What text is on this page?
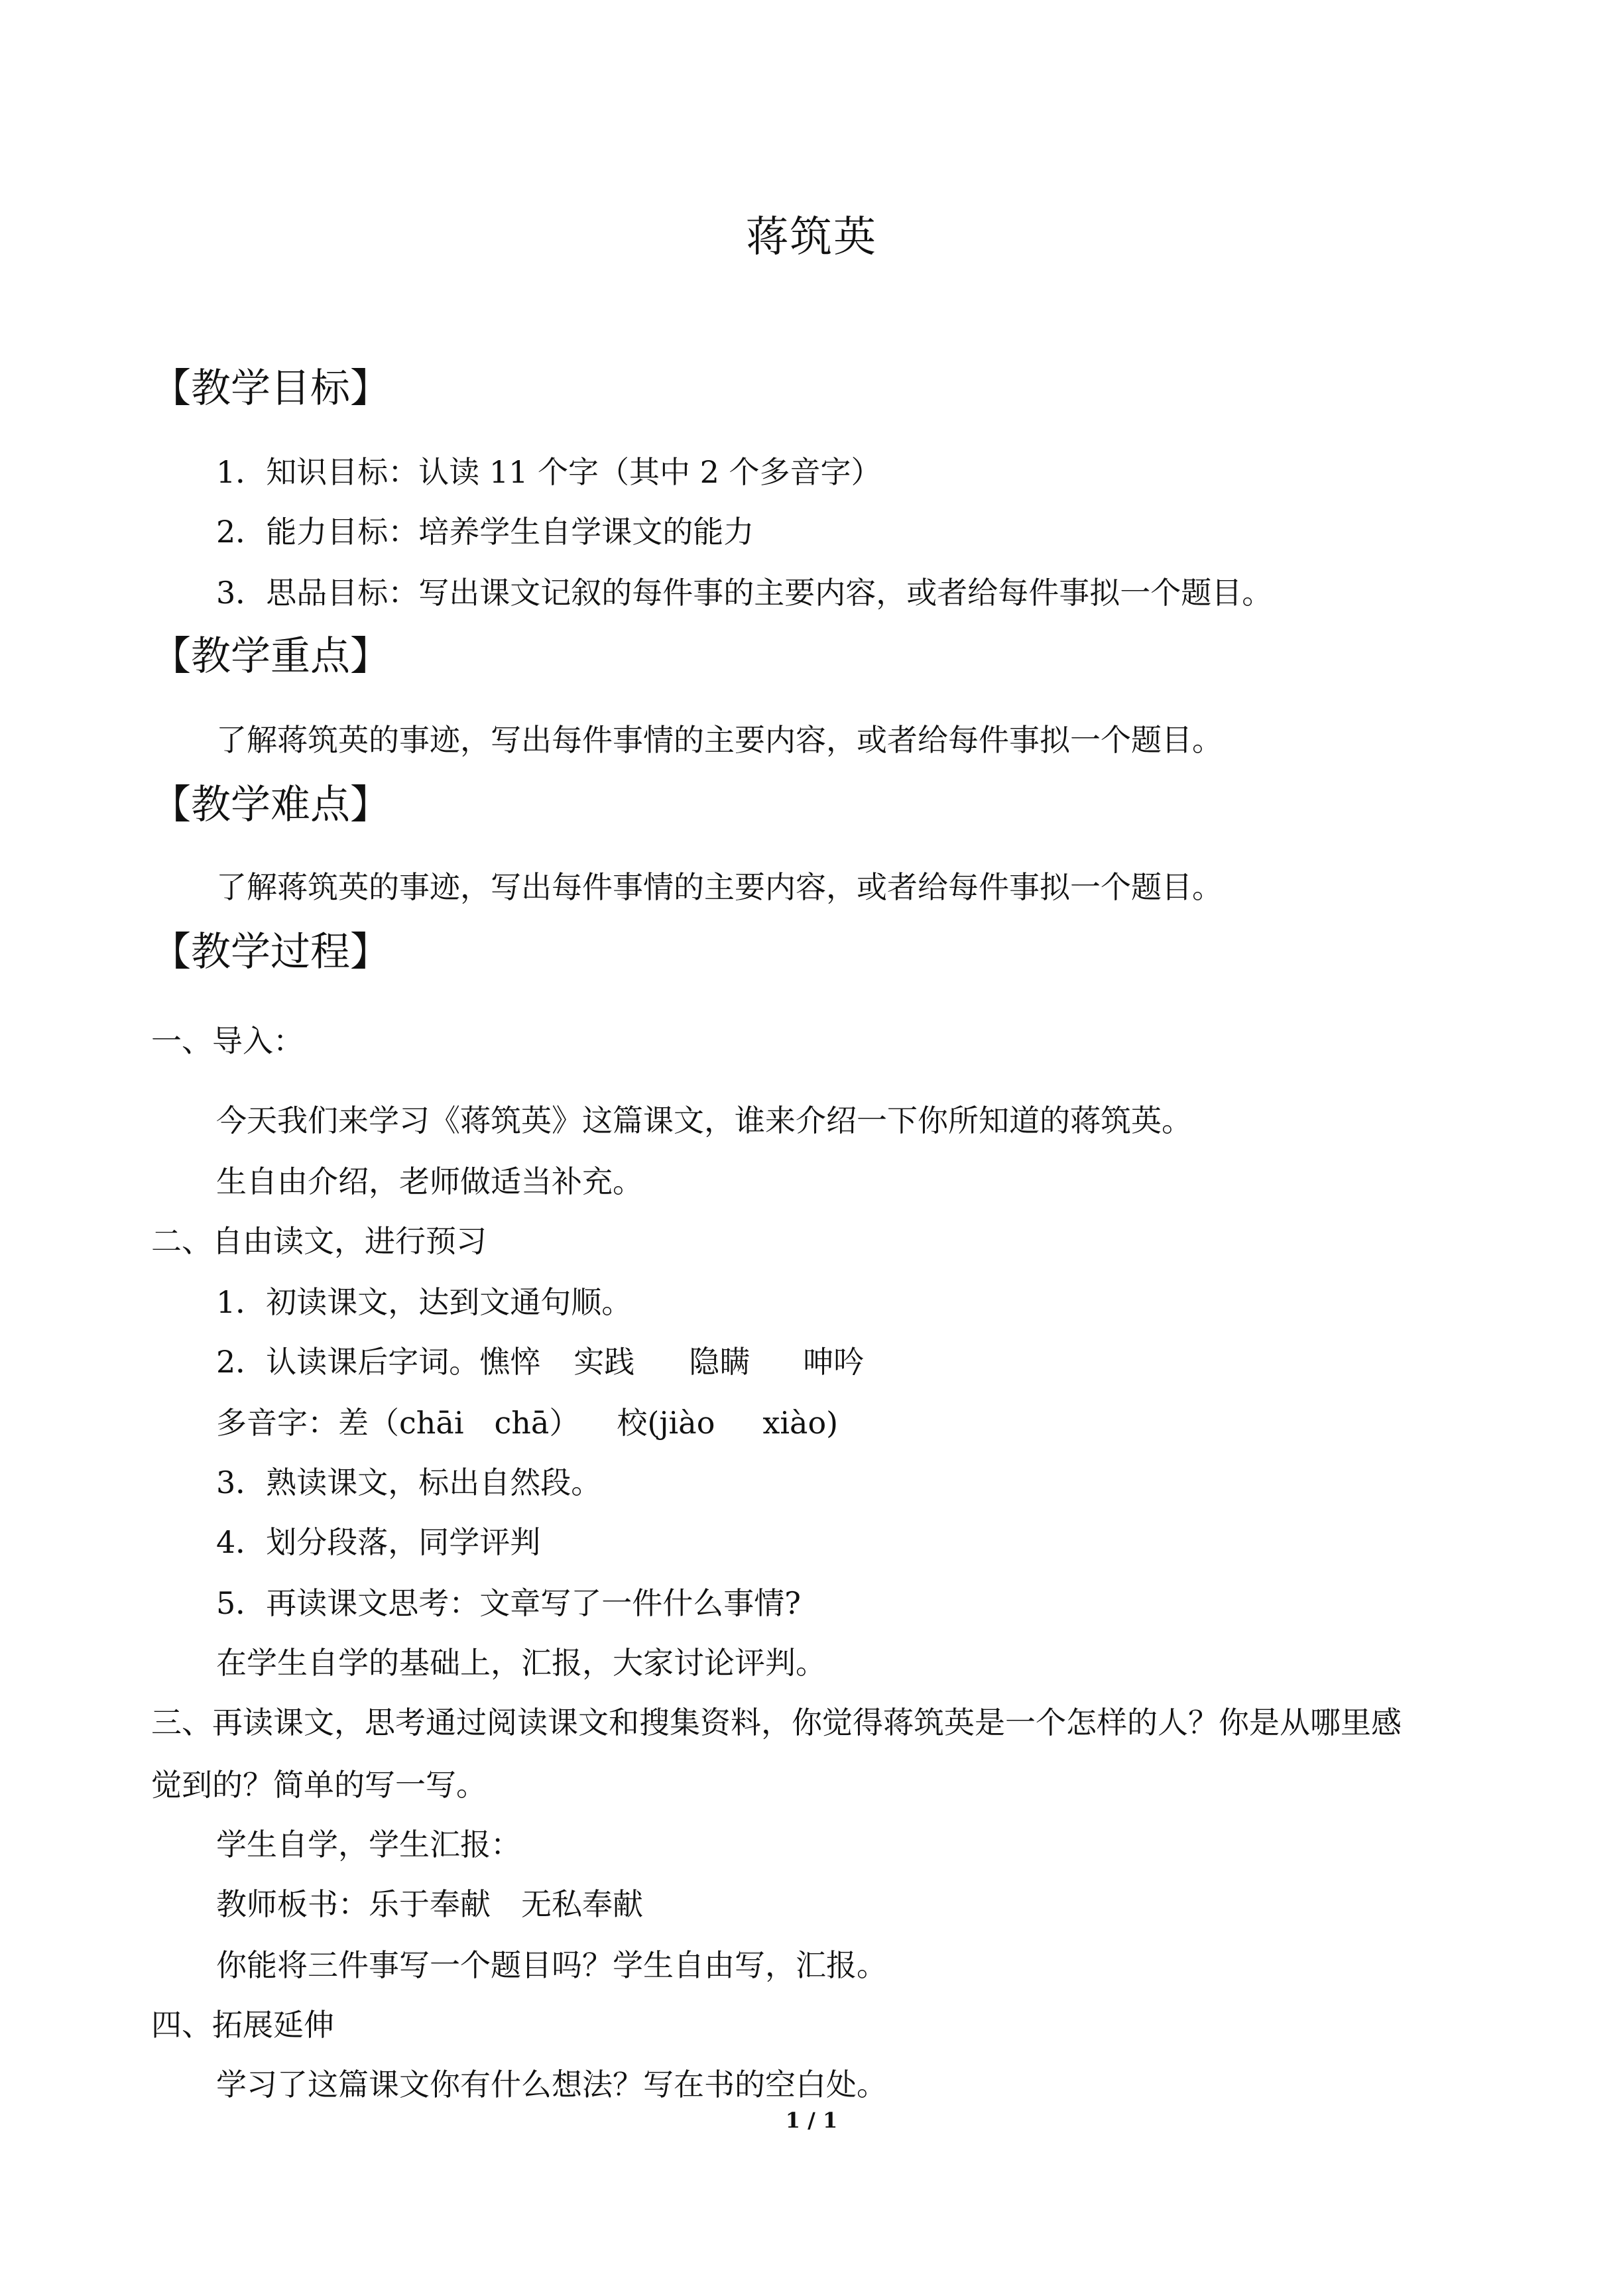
蒋筑英
【教学目标】
1．知识目标：认读 11 个字（其中 2 个多音字）
2．能力目标：培养学生自学课文的能力
3．思品目标：写出课文记叙的每件事的主要内容，或者给每件事拟一个题目。
【教学重点】
了解蒋筑英的事迹，写出每件事情的主要内容，或者给每件事拟一个题目。
【教学难点】
了解蒋筑英的事迹，写出每件事情的主要内容，或者给每件事拟一个题目。
【教学过程】
一、导入：
今天我们来学习《蒋筑英》这篇课文，谁来介绍一下你所知道的蒋筑英。
生自由介绍，老师做适当补充。
二、自由读文，进行预习
1．初读课文，达到文通句顺。
2．认读课后字词。憔悴 实践 隐瞒 呻吟
多音字：差（chāi　chā） 校(jiào xiào)
3．熟读课文，标出自然段。
4．划分段落，同学评判
5．再读课文思考：文章写了一件什么事情?
在学生自学的基础上，汇报，大家讨论评判。
三、再读课文，思考通过阅读课文和搜集资料，你觉得蒋筑英是一个怎样的人？你是从哪里感
觉到的？简单的写一写。
学生自学，学生汇报：
教师板书：乐于奉献 无私奉献
你能将三件事写一个题目吗？学生自由写，汇报。
四、拓展延伸
学习了这篇课文你有什么想法？写在书的空白处。
1 / 1
